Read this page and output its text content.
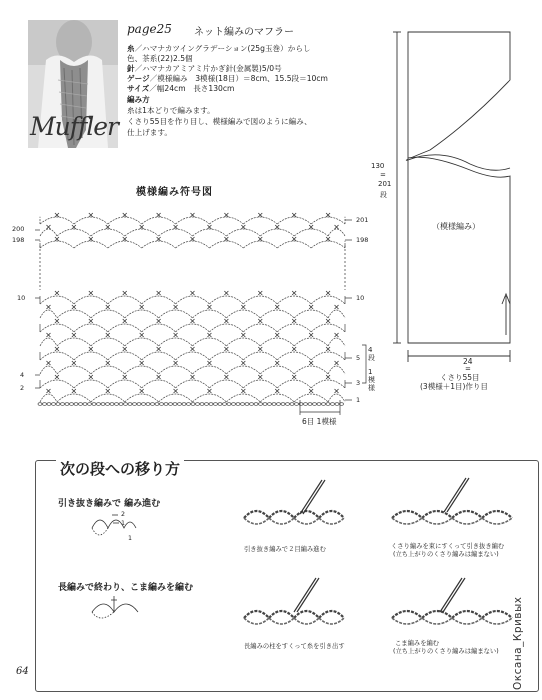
Muffler
page25 ネット編みのマフラー
糸／ハマナカツイングラデーション(25g玉巻）からし
色、茶系(22)2.5個
針／ハマナカアミアミ片かぎ針(金属製)5/0号
ゲージ／模様編み　3模様(18目）＝8cm、15.5段＝10cm
サイズ／幅24cm　長さ130cm
編み方
糸は1本どりで編みます。
くさり55目を作り目し、模様編みで図のように編み、
仕上げます。
模様編み符号図
200
198
10
4
2
201
198
10
5
3
1
4段
1模様
6目 1模様
130
=
201
段
（模様編み）
24
=
くさり55目
(3模様＋1目)作り目
次の段への移り方
引き抜き編みで 編み進む
長編みで終わり、こま編みを編む
2
1
1
引き抜き編みで２目編み進む	くさり編みを束にすくって引き抜き編む
(立ち上がりのくさり編みは編まない)
長編みの柱をすくって糸を引き出す	こま編みを編む
(立ち上がりのくさり編みは編まない)
64	Оксана_Кривых
